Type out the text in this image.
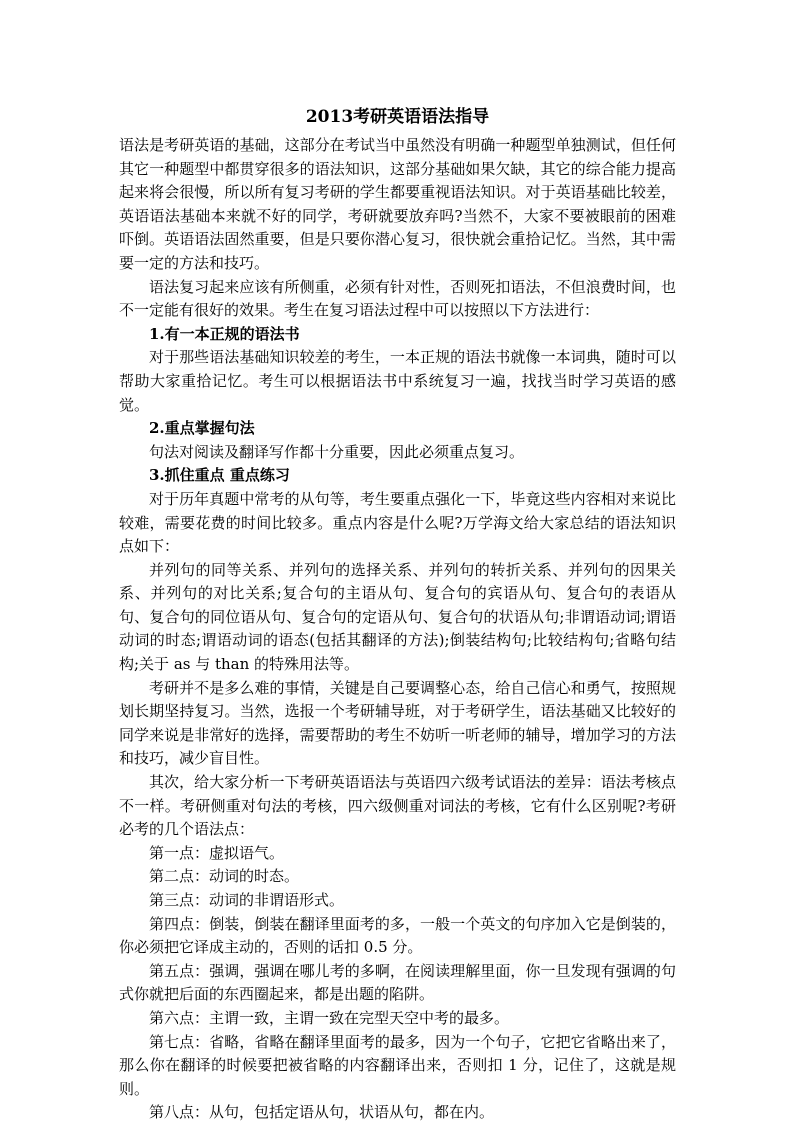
2013考研英语语法指导

语法是考研英语的基础，这部分在考试当中虽然没有明确一种题型单独测试，但任何其它一种题型中都贯穿很多的语法知识，这部分基础如果欠缺，其它的综合能力提高起来将会很慢，所以所有复习考研的学生都要重视语法知识。对于英语基础比较差，英语语法基础本来就不好的同学，考研就要放弃吗?当然不，大家不要被眼前的困难吓倒。英语语法固然重要，但是只要你潜心复习，很快就会重拾记忆。当然，其中需要一定的方法和技巧。

语法复习起来应该有所侧重，必须有针对性，否则死扣语法，不但浪费时间，也不一定能有很好的效果。考生在复习语法过程中可以按照以下方法进行：

1.有一本正规的语法书

对于那些语法基础知识较差的考生，一本正规的语法书就像一本词典，随时可以帮助大家重拾记忆。考生可以根据语法书中系统复习一遍，找找当时学习英语的感觉。

2.重点掌握句法

句法对阅读及翻译写作都十分重要，因此必须重点复习。

3.抓住重点 重点练习

对于历年真题中常考的从句等，考生要重点强化一下，毕竟这些内容相对来说比较难，需要花费的时间比较多。重点内容是什么呢?万学海文给大家总结的语法知识点如下：

并列句的同等关系、并列句的选择关系、并列句的转折关系、并列句的因果关系、并列句的对比关系;复合句的主语从句、复合句的宾语从句、复合句的表语从句、复合句的同位语从句、复合句的定语从句、复合句的状语从句;非谓语动词;谓语动词的时态;谓语动词的语态(包括其翻译的方法);倒装结构句;比较结构句;省略句结构;关于 as 与 than 的特殊用法等。

考研并不是多么难的事情，关键是自己要调整心态，给自己信心和勇气，按照规划长期坚持复习。当然，选报一个考研辅导班，对于考研学生，语法基础又比较好的同学来说是非常好的选择，需要帮助的考生不妨听一听老师的辅导，增加学习的方法和技巧，减少盲目性。

其次，给大家分析一下考研英语语法与英语四六级考试语法的差异：语法考核点不一样。考研侧重对句法的考核，四六级侧重对词法的考核，它有什么区别呢?考研必考的几个语法点：

第一点：虚拟语气。

第二点：动词的时态。

第三点：动词的非谓语形式。

第四点：倒装，倒装在翻译里面考的多，一般一个英文的句序加入它是倒装的，你必须把它译成主动的，否则的话扣 0.5 分。

第五点：强调，强调在哪儿考的多啊，在阅读理解里面，你一旦发现有强调的句式你就把后面的东西圈起来，都是出题的陷阱。

第六点：主谓一致，主谓一致在完型天空中考的最多。

第七点：省略，省略在翻译里面考的最多，因为一个句子，它把它省略出来了，那么你在翻译的时候要把被省略的内容翻译出来，否则扣 1 分，记住了，这就是规则。

第八点：从句，包括定语从句，状语从句，都在内。
